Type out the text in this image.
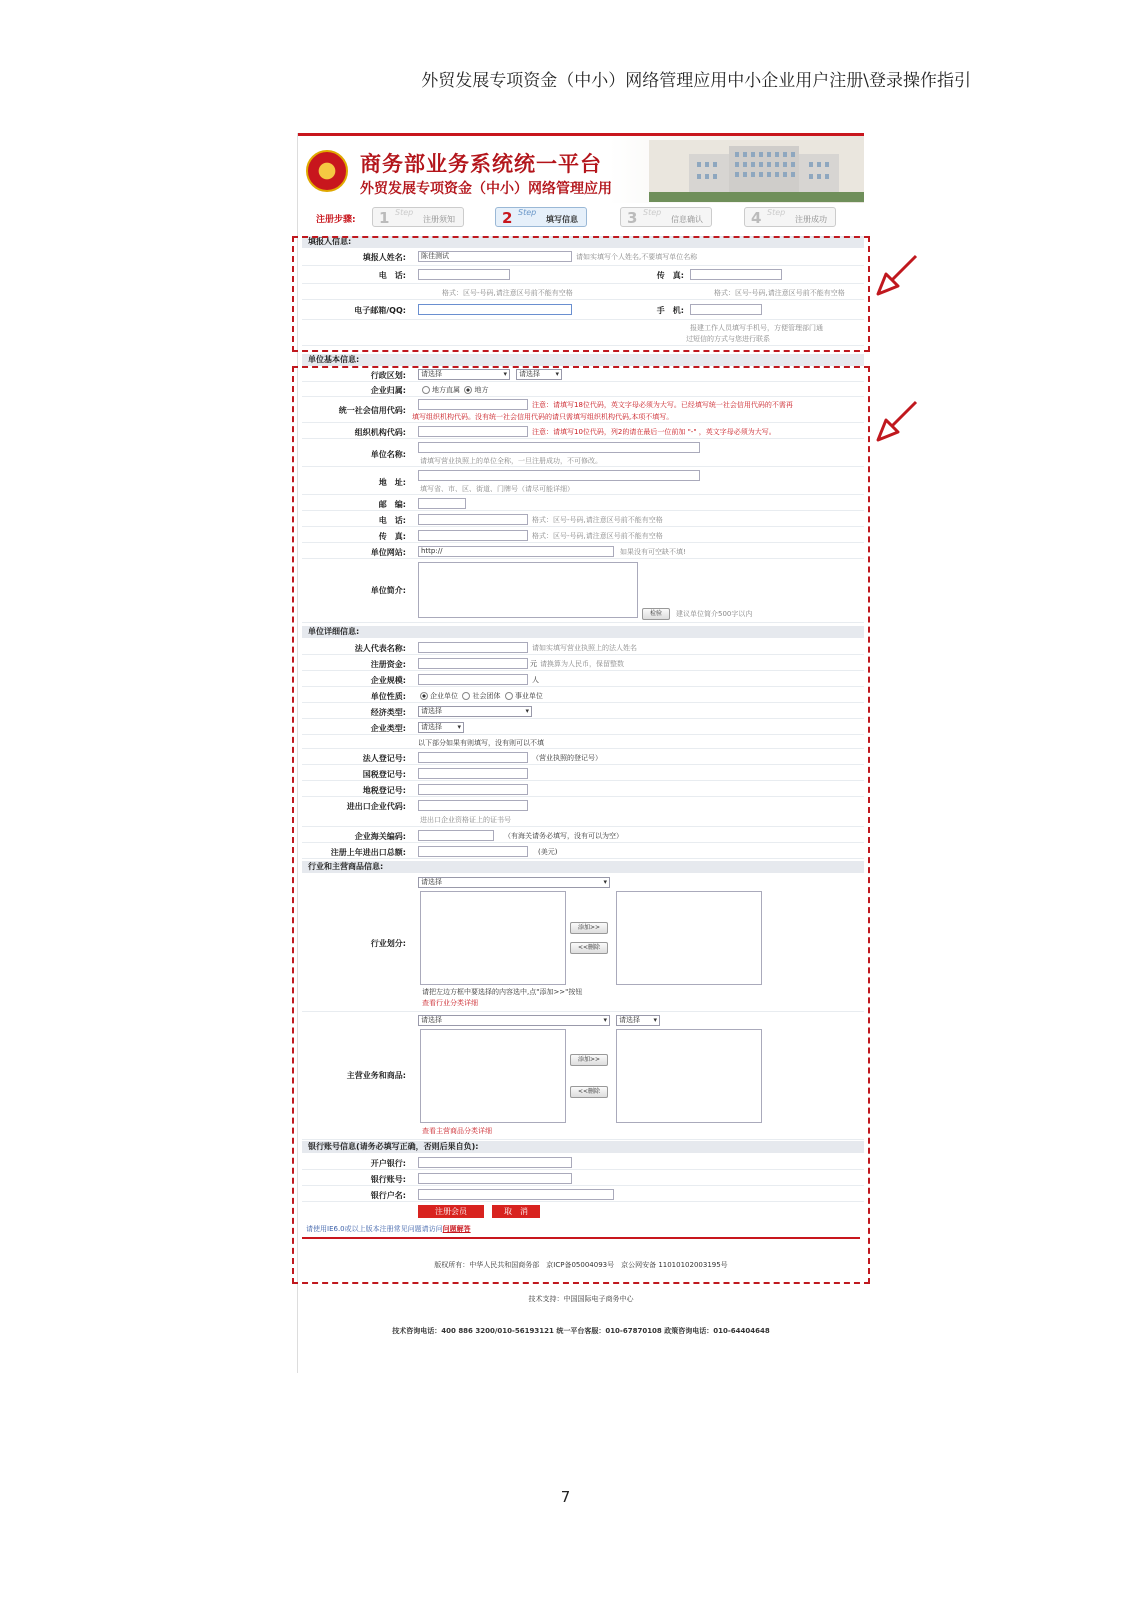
外贸发展专项资金（中小）网络管理应用中小企业用户注册\登录操作指引
商务部业务系统统一平台
外贸发展专项资金（中小）网络管理应用
注册步骤: 1 Step
注册须知	2 Step
填写信息	3 Step
信息确认	4 Step
注册成功
填报人信息:
填报人姓名:	陈佳测试	请如实填写个人姓名,不要填写单位名称
电　话:	传　真:
格式：区号-号码,请注意区号前不能有空格	格式：区号-号码,请注意区号前不能有空格
电子邮箱/QQ:	手　机:
报建工作人员填写手机号，方便管理部门通
过短信的方式与您进行联系
单位基本信息:
行政区划:	请选择 ▾	请选择 ▾
企业归属:	地方直属 地方
统一社会信用代码:
注意：请填写18位代码，英文字母必须为大写。已经填写统一社会信用代码的不需再
填写组织机构代码。没有统一社会信用代码的请只需填写组织机构代码,本项不填写。
组织机构代码:	注意：请填写10位代码，列2的请在最后一位前加 "-" ，英文字母必须为大写。
单位名称:
请填写营业执照上的单位全称，一旦注册成功，不可修改。
地　址:
填写省、市、区、街道、门牌号（请尽可能详细）
邮　编:
电　话:	格式：区号-号码,请注意区号前不能有空格
传　真:	格式：区号-号码,请注意区号前不能有空格
单位网站:	http://	如果没有可空缺不填!
单位简介:
检验	建议单位简介500字以内
单位详细信息:
法人代表名称:	请如实填写营业执照上的法人姓名
注册资金:	元 请换算为人民币，保留整数
企业规模:	人
单位性质:	企业单位 社会团体 事业单位
经济类型:	请选择 ▾
企业类型:	请选择 ▾
以下部分如果有则填写，没有则可以不填
法人登记号:	（营业执照的登记号）
国税登记号:
地税登记号:
进出口企业代码:
进出口企业资格证上的证书号
企业海关编码:	（有海关请务必填写，没有可以为空）
注册上年进出口总额:	(美元)
行业和主营商品信息:
行业划分:
请选择 ▾
添加>>
<<删除
请把左边方框中要选择的内容选中,点"添加>>"按钮
查看行业分类详细
主营业务和商品:
请选择 ▾	请选择 ▾
添加>>
<<删除
查看主营商品分类详细
银行账号信息(请务必填写正确，否则后果自负):
开户银行:
银行账号:
银行户名:
注册会员	取　消
请使用IE6.0或以上版本注册常见问题请访问问题解答
版权所有：中华人民共和国商务部　京ICP备05004093号　京公网安备 11010102003195号
技术支持：中国国际电子商务中心
技术咨询电话：400 886 3200/010-56193121 统一平台客服：010-67870108 政策咨询电话：010-64404648
7
